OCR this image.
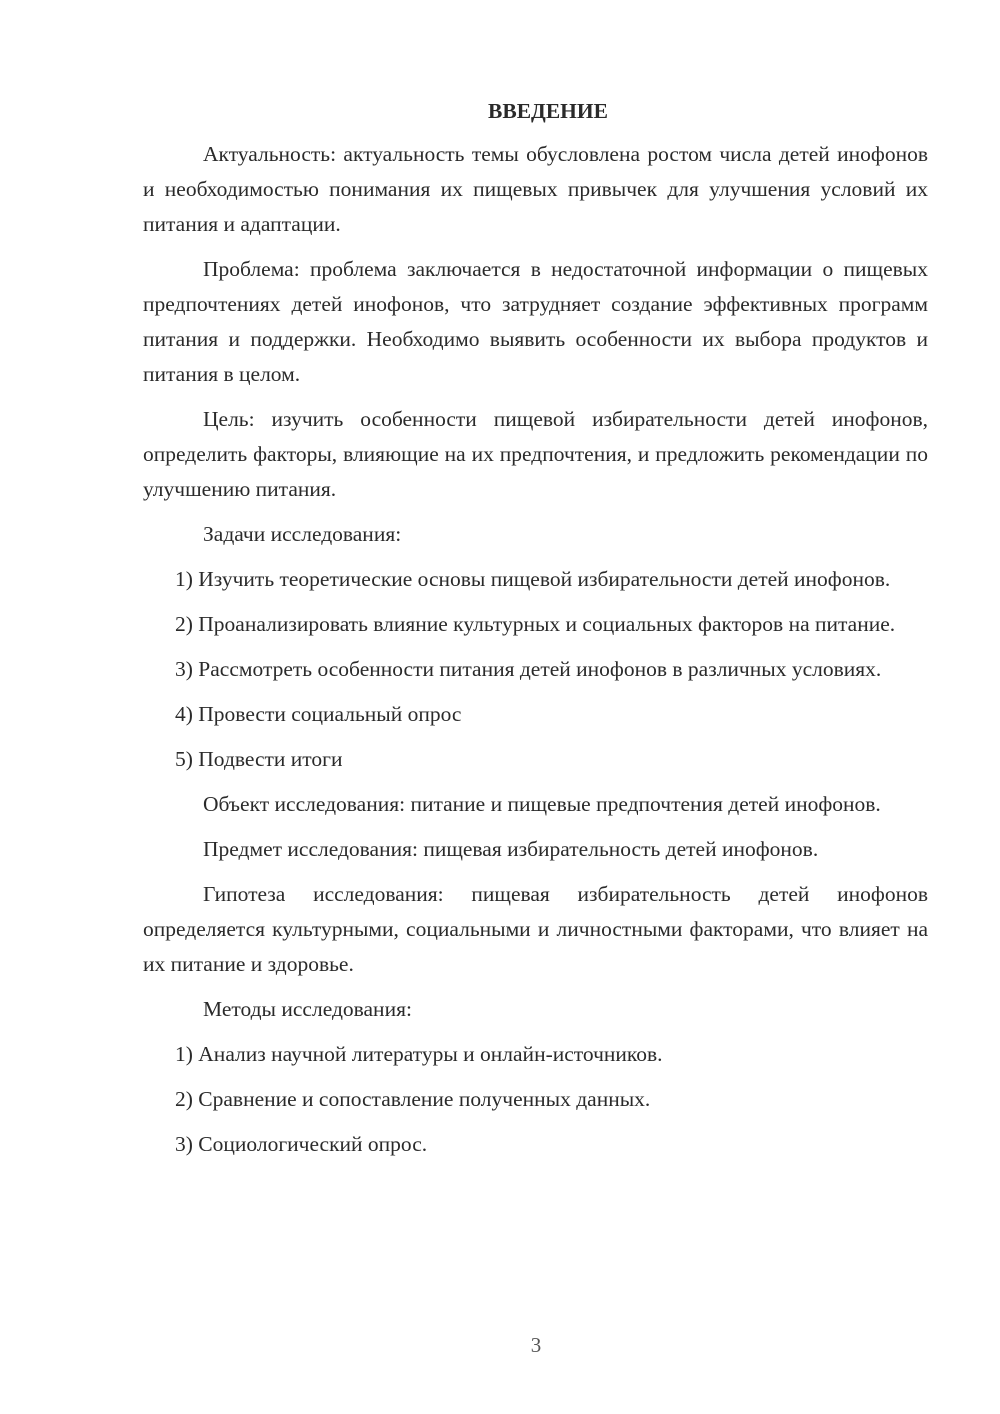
ВВЕДЕНИЕ

Актуальность: актуальность темы обусловлена ростом числа детей инофонов и необходимостью понимания их пищевых привычек для улучшения условий их питания и адаптации.

Проблема: проблема заключается в недостаточной информации о пищевых предпочтениях детей инофонов, что затрудняет создание эффективных программ питания и поддержки. Необходимо выявить особенности их выбора продуктов и питания в целом.

Цель: изучить особенности пищевой избирательности детей инофонов, определить факторы, влияющие на их предпочтения, и предложить рекомендации по улучшению питания.

Задачи исследования:

1) Изучить теоретические основы пищевой избирательности детей инофонов.

2) Проанализировать влияние культурных и социальных факторов на питание.

3) Рассмотреть особенности питания детей инофонов в различных условиях.

4) Провести социальный опрос

5) Подвести итоги

Объект исследования: питание и пищевые предпочтения детей инофонов.

Предмет исследования: пищевая избирательность детей инофонов.

Гипотеза исследования: пищевая избирательность детей инофонов определяется культурными, социальными и личностными факторами, что влияет на их питание и здоровье.

Методы исследования:

1) Анализ научной литературы и онлайн-источников.

2) Сравнение и сопоставление полученных данных.

3) Социологический опрос.

3
